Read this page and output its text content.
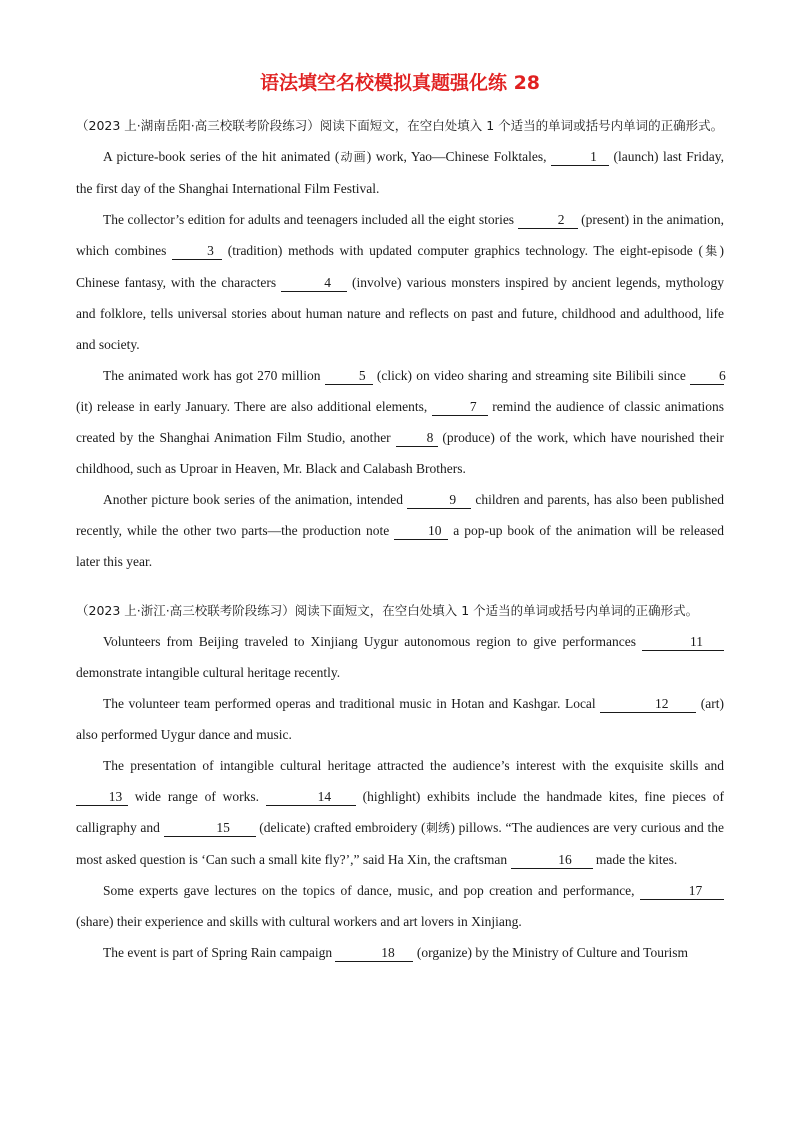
语法填空名校模拟真题强化练 28

（2023 上·湖南岳阳·高三校联考阶段练习）阅读下面短文，在空白处填入 1 个适当的单词或括号内单词的正确形式。

A picture-book series of the hit animated (动画) work, Yao—Chinese Folktales,	1 (launch) last Friday, the first day of the Shanghai International Film Festival.

The collector’s edition for adults and teenagers included all the eight stories	2 (present) in the animation, which combines	3 (tradition) methods with updated computer graphics technology. The eight-episode (集) Chinese fantasy, with the characters	4 (involve) various monsters inspired by ancient legends, mythology and folklore, tells universal stories about human nature and reflects on past and future, childhood and adulthood, life and society.

The animated work has got 270 million	5 (click) on video sharing and streaming site Bilibili since 6 (it) release in early January. There are also additional elements,	7 remind the audience of classic animations created by the Shanghai Animation Film Studio, another 8 (produce) of the work, which have nourished their childhood, such as Uproar in Heaven, Mr. Black and Calabash Brothers.

Another picture book series of the animation, intended	9 children and parents, has also been published recently, while the other two parts—the production note	10 a pop-up book of the animation will be released later this year.

（2023 上·浙江·高三校联考阶段练习）阅读下面短文，在空白处填入 1 个适当的单词或括号内单词的正确形式。

Volunteers from Beijing traveled to Xinjiang Uygur autonomous region to give performances	11 demonstrate intangible cultural heritage recently.

The volunteer team performed operas and traditional music in Hotan and Kashgar. Local	12 (art) also performed Uygur dance and music.

The presentation of intangible cultural heritage attracted the audience’s interest with the exquisite skills and 13 wide range of works.	14 (highlight) exhibits include the handmade kites, fine pieces of calligraphy and	15 (delicate) crafted embroidery (刺绣) pillows. “The audiences are very curious and the most asked question is ‘Can such a small kite fly?’,” said Ha Xin, the craftsman	16 made the kites.

Some experts gave lectures on the topics of dance, music, and pop creation and performance,	17 (share) their experience and skills with cultural workers and art lovers in Xinjiang.

The event is part of Spring Rain campaign	18 (organize) by the Ministry of Culture and Tourism
